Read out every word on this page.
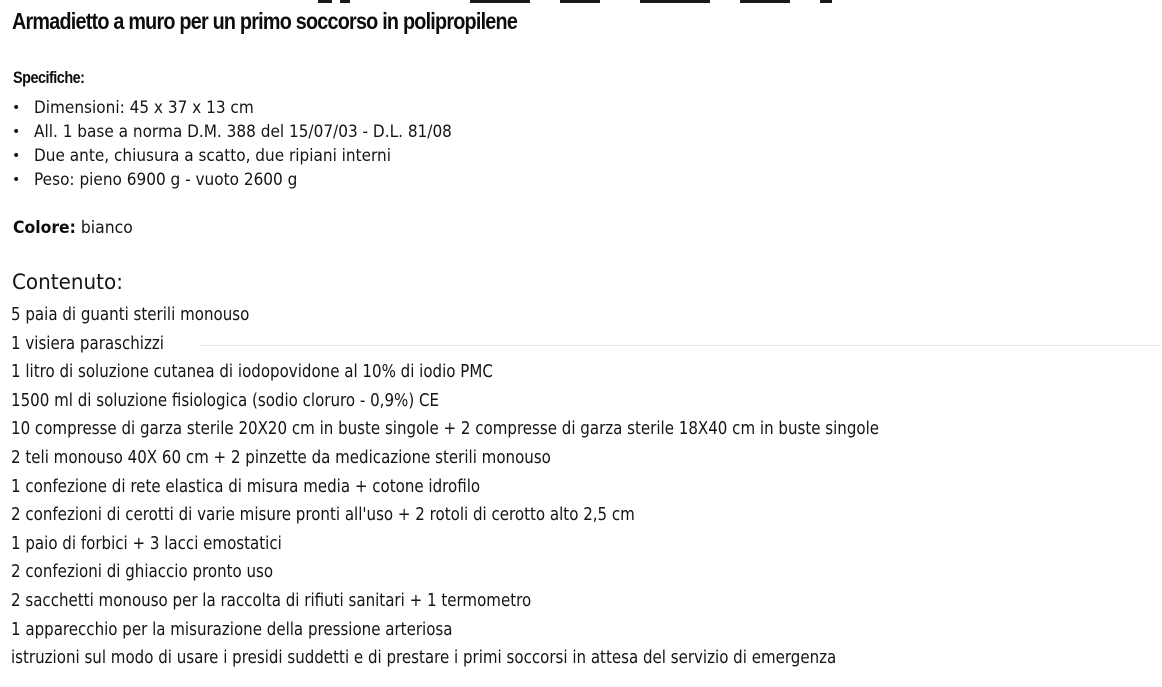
Armadietto a muro per un primo soccorso in polipropilene
Specifiche:
• Dimensioni: 45 x 37 x 13 cm
• All. 1 base a norma D.M. 388 del 15/07/03 - D.L. 81/08
• Due ante, chiusura a scatto, due ripiani interni
• Peso: pieno 6900 g - vuoto 2600 g
Colore: bianco
Contenuto:
5 paia di guanti sterili monouso
1 visiera paraschizzi
1 litro di soluzione cutanea di iodopovidone al 10% di iodio PMC
1500 ml di soluzione fisiologica (sodio cloruro - 0,9%) CE
10 compresse di garza sterile 20X20 cm in buste singole + 2 compresse di garza sterile 18X40 cm in buste singole
2 teli monouso 40X 60 cm + 2 pinzette da medicazione sterili monouso
1 confezione di rete elastica di misura media + cotone idrofilo
2 confezioni di cerotti di varie misure pronti all'uso + 2 rotoli di cerotto alto 2,5 cm
1 paio di forbici + 3 lacci emostatici
2 confezioni di ghiaccio pronto uso
2 sacchetti monouso per la raccolta di rifiuti sanitari + 1 termometro
1 apparecchio per la misurazione della pressione arteriosa
istruzioni sul modo di usare i presidi suddetti e di prestare i primi soccorsi in attesa del servizio di emergenza
